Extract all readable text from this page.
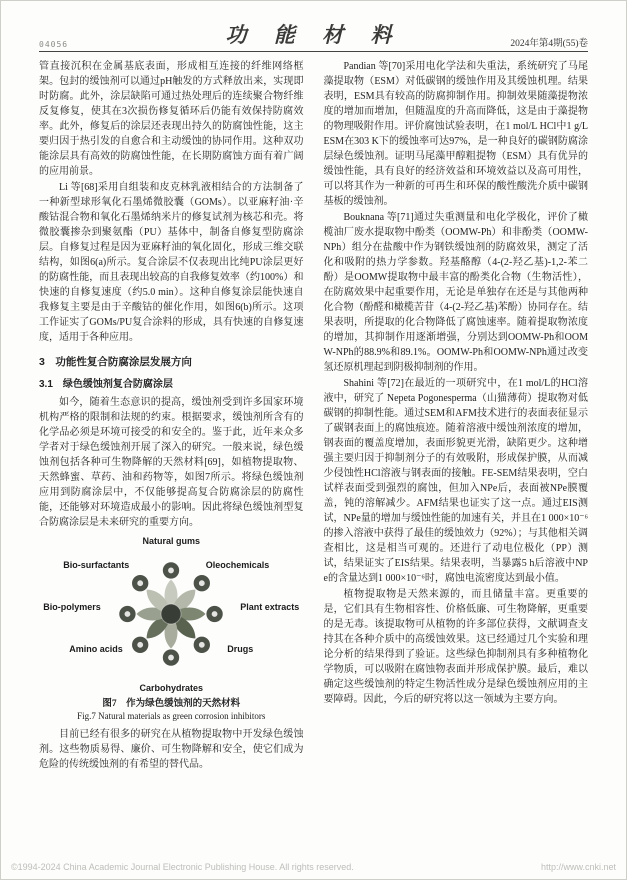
04056	功 能 材 料	2024年第4期(55)卷

管直接沉积在金属基底表面，形成相互连接的纤维网络框架。包封的缓蚀剂可以通过pH触发的方式释放出来，实现即时防腐。此外，涂层缺陷可通过热处理后的连续聚合物纤维反复修复，使其在3次损伤修复循环后仍能有效保持防腐效率。此外，修复后的涂层还表现出持久的防腐蚀性能，这主要归因于热引发的自愈合和主动缓蚀的协同作用。这种双功能涂层具有高效的防腐蚀性能，在长期防腐蚀方面有着广阔的应用前景。

Li 等[68]采用自组装和皮克林乳液相结合的方法制备了一种新型球形氧化石墨烯微胶囊（GOMs）。以亚麻籽油·辛酸钴混合物和氧化石墨烯纳米片的修复试剂为核芯和壳。将微胶囊掺杂到聚氨酯（PU）基体中，制备自修复型防腐涂层。自修复过程是因为亚麻籽油的氧化固化，形成三维交联结构，如图6(a)所示。复合涂层不仅表现出比纯PU涂层更好的防腐性能，而且表现出较高的自我修复效率（约100%）和快速的自修复速度（约5.0 min）。这种自修复涂层能快速自我修复主要是由于辛酸钴的催化作用，如图6(b)所示。这项工作证实了GOMs/PU复合涂料的形成，具有快速的自修复速度，适用于各种应用。

3　功能性复合防腐涂层发展方向
3.1　绿色缓蚀剂复合防腐涂层

如今，随着生态意识的提高，缓蚀剂受到许多国家环境机构严格的限制和法规的约束。根据要求，缓蚀剂所含有的化学品必须是环境可接受的和安全的。鉴于此，近年来众多学者对于绿色缓蚀剂开展了深入的研究。一般来说，绿色缓蚀剂包括各种可生物降解的天然材料[69]，如植物提取物、天然蜂蜜、草药、油和药物等，如图7所示。将绿色缓蚀剂应用到防腐涂层中，不仅能够提高复合防腐涂层的防腐性能，还能够对环境造成最小的影响。因此将绿色缓蚀剂型复合防腐涂层是未来研究的重要方向。

Natural gums
Oleochemicals
Plant extracts
Drugs
Carbohydrates
Amino acids
Bio-polymers
Bio-surfactants
图7　作为绿色缓蚀剂的天然材料
Fig.7 Natural materials as green corrosion inhibitors

目前已经有很多的研究在从植物提取物中开发绿色缓蚀剂。这些物质易得、廉价、可生物降解和安全，使它们成为危险的传统缓蚀剂的有希望的替代品。

Pandian 等[70]采用电化学法和失重法，系统研究了马尾藻提取物（ESM）对低碳钢的缓蚀作用及其缓蚀机理。结果表明，ESM具有较高的防腐抑制作用。抑制效果随藻提物浓度的增加而增加，但随温度的升高而降低，这是由于藻提物的物理吸附作用。评价腐蚀试验表明，在1 mol/L HCl中1 g/L ESM在303 K下的缓蚀率可达97%，是一种良好的碳钢防腐涂层绿色缓蚀剂。证明马尾藻甲醇粗提物（ESM）具有优异的缓蚀性能，具有良好的经济效益和环境效益以及高可用性，可以将其作为一种新的可再生和环保的酸性酸洗介质中碳钢基板的缓蚀剂。

Bouknana 等[71]通过失重测量和电化学极化，评价了橄榄油厂废水提取物中酚类（OOMW-Ph）和非酚类（OOMW-NPh）组分在盐酸中作为钢铁缓蚀剂的防腐效果，测定了活化和吸附的热力学参数。羟基酪醇（4-(2-羟乙基)-1,2-苯二酚）是OOMW提取物中最丰富的酚类化合物（生物活性），在防腐效果中起重要作用，无论是单独存在还是与其他两种化合物（酚醛和橄榄苦苷（4-(2-羟乙基)苯酚）协同存在。结果表明，所提取的化合物降低了腐蚀速率。随着提取物浓度的增加，其抑制作用逐渐增强，分别达到OOMW-Ph和OOMW-NPh的88.9%和89.1%。OOMW-Ph和OOMW-NPh通过改变氢还原机理起到阴极抑制剂的作用。

Shahini 等[72]在最近的一项研究中，在1 mol/L的HCl溶液中，研究了 Nepeta Pogonesperma（山猫薄荷）提取物对低碳钢的抑制性能。通过SEM和AFM技术进行的表面表征显示了碳钢表面上的腐蚀痕迹。随着溶液中缓蚀剂浓度的增加，钢表面的覆盖度增加，表面形貌更光滑，缺陷更少。这种增强主要归因于抑制剂分子的有效吸附，形成保护膜，从而减少侵蚀性HCl溶液与钢表面的接触。FE-SEM结果表明，空白试样表面受到强烈的腐蚀，但加入NPe后，表面被NPe膜覆盖，钝的溶解减少。AFM结果也证实了这一点。通过EIS测试，NPe量的增加与缓蚀性能的加速有关，并且在1 000×10⁻⁶的掺入溶液中获得了最佳的缓蚀效力（92%）；与其他相关调查相比，这是相当可观的。还进行了动电位极化（PP）测试，结果证实了EIS结果。结果表明，当暴露5 h后溶液中NPe的含量达到1 000×10⁻⁶时，腐蚀电流密度达到最小值。

植物提取物是天然来源的，而且储量丰富。更重要的是，它们具有生物相容性、价格低廉、可生物降解，更重要的是无毒。该提取物可从植物的许多部位获得，文献调查支持其在各种介质中的高缓蚀效果。这已经通过几个实验和理论分析的结果得到了验证。这些绿色抑制剂具有多种植物化学物质，可以吸附在腐蚀物表面并形成保护膜。最后，难以确定这些缓蚀剂的特定生物活性成分是绿色缓蚀剂应用的主要障碍。因此，今后的研究将以这一领域为主要方向。

©1994-2024 China Academic Journal Electronic Publishing House. All rights reserved.	http://www.cnki.net
